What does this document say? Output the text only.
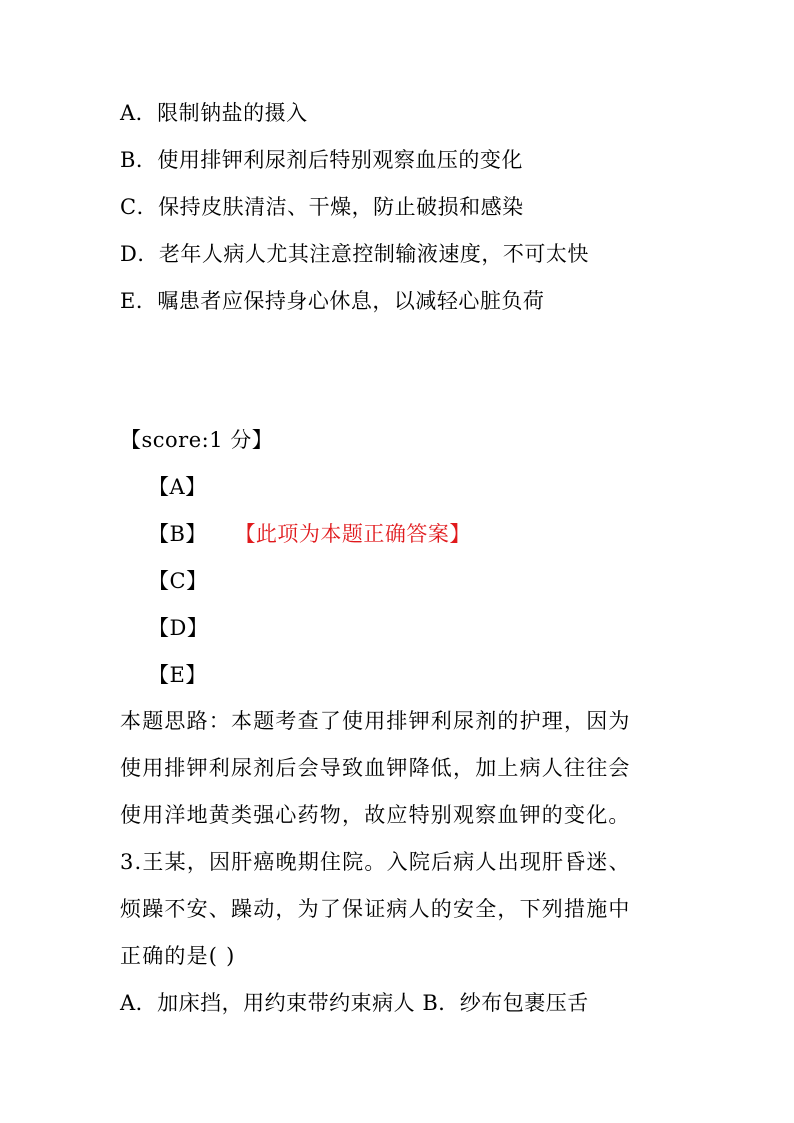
A．限制钠盐的摄入
B．使用排钾利尿剂后特别观察血压的变化
C．保持皮肤清洁、干燥，防止破损和感染
D．老年人病人尤其注意控制输液速度，不可太快
E．嘱患者应保持身心休息，以减轻心脏负荷
【score:1 分】
【A】
【B】 【此项为本题正确答案】
【C】
【D】
【E】
本题思路：本题考查了使用排钾利尿剂的护理，因为
使用排钾利尿剂后会导致血钾降低，加上病人往往会
使用洋地黄类强心药物，故应特别观察血钾的变化。
3.王某，因肝癌晚期住院。入院后病人出现肝昏迷、
烦躁不安、躁动，为了保证病人的安全，下列措施中
正确的是( )
A．加床挡，用约束带约束病人 B．纱布包裹压舌
